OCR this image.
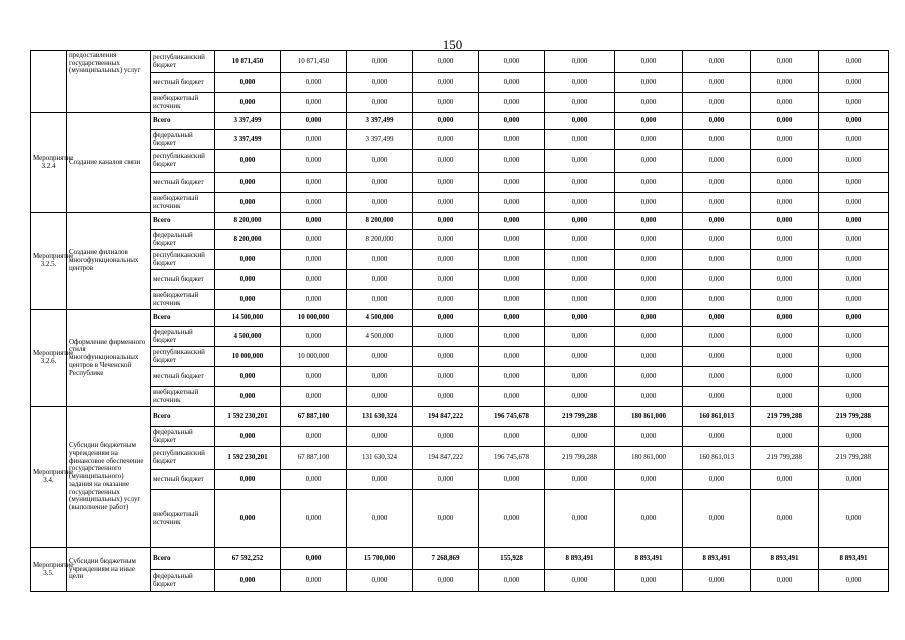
150
	предоставления государственных (муниципальных) услуг	республиканский бюджет	10 871,450	10 871,450	0,000	0,000	0,000	0,000	0,000	0,000	0,000	0,000
		местный бюджет	0,000	0,000	0,000	0,000	0,000	0,000	0,000	0,000	0,000	0,000
		внебюджетный источник	0,000	0,000	0,000	0,000	0,000	0,000	0,000	0,000	0,000	0,000
Мероприятие 3.2.4	Создание каналов связи	Всего	3 397,499	0,000	3 397,499	0,000	0,000	0,000	0,000	0,000	0,000	0,000
		федеральный бюджет	3 397,499	0,000	3 397,499	0,000	0,000	0,000	0,000	0,000	0,000	0,000
		республиканский бюджет	0,000	0,000	0,000	0,000	0,000	0,000	0,000	0,000	0,000	0,000
		местный бюджет	0,000	0,000	0,000	0,000	0,000	0,000	0,000	0,000	0,000	0,000
		внебюджетный источник	0,000	0,000	0,000	0,000	0,000	0,000	0,000	0,000	0,000	0,000
Мероприятие 3.2.5.	Создание филиалов многофункциональных центров	Всего	8 200,000	0,000	8 200,000	0,000	0,000	0,000	0,000	0,000	0,000	0,000
		федеральный бюджет	8 200,000	0,000	8 200,000	0,000	0,000	0,000	0,000	0,000	0,000	0,000
		республиканский бюджет	0,000	0,000	0,000	0,000	0,000	0,000	0,000	0,000	0,000	0,000
		местный бюджет	0,000	0,000	0,000	0,000	0,000	0,000	0,000	0,000	0,000	0,000
		внебюджетный источник	0,000	0,000	0,000	0,000	0,000	0,000	0,000	0,000	0,000	0,000
Мероприятие 3.2.6.	Оформление фирменного стиля многофункциональных центров в Чеченской Республике	Всего	14 500,000	10 000,000	4 500,000	0,000	0,000	0,000	0,000	0,000	0,000	0,000
		федеральный бюджет	4 500,000	0,000	4 500,000	0,000	0,000	0,000	0,000	0,000	0,000	0,000
		республиканский бюджет	10 000,000	10 000,000	0,000	0,000	0,000	0,000	0,000	0,000	0,000	0,000
		местный бюджет	0,000	0,000	0,000	0,000	0,000	0,000	0,000	0,000	0,000	0,000
		внебюджетный источник	0,000	0,000	0,000	0,000	0,000	0,000	0,000	0,000	0,000	0,000
Мероприятие 3.4.	Субсидии бюджетным учреждениям на финансовое обеспечение государственного (муниципального) задания на оказание государственных (муниципальных) услуг (выполнение работ)	Всего	1 592 230,201	67 887,100	131 630,324	194 847,222	196 745,678	219 799,288	180 861,000	160 861,013	219 799,288	219 799,288
		федеральный бюджет	0,000	0,000	0,000	0,000	0,000	0,000	0,000	0,000	0,000	0,000
		республиканский бюджет	1 592 230,201	67 887,100	131 630,324	194 847,222	196 745,678	219 799,288	180 861,000	160 861,013	219 799,288	219 799,288
		местный бюджет	0,000	0,000	0,000	0,000	0,000	0,000	0,000	0,000	0,000	0,000
		внебюджетный источник	0,000	0,000	0,000	0,000	0,000	0,000	0,000	0,000	0,000	0,000
Мероприятие 3.5.	Субсидии бюджетным учреждениям на иные цели	Всего	67 592,252	0,000	15 700,000	7 268,869	155,928	8 893,491	8 893,491	8 893,491	8 893,491	8 893,491
		федеральный бюджет	0,000	0,000	0,000	0,000	0,000	0,000	0,000	0,000	0,000	0,000
